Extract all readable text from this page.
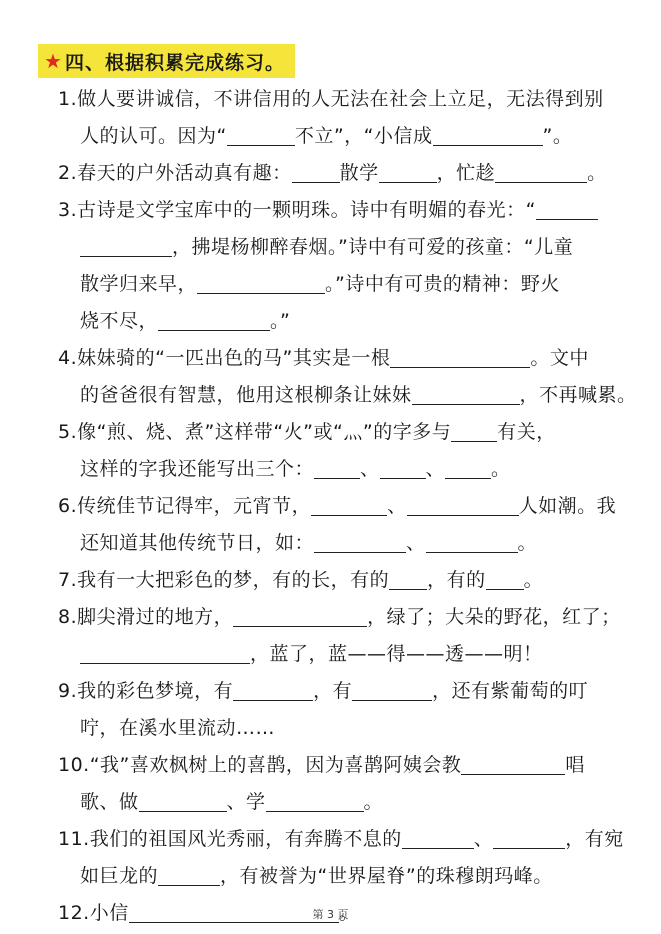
★ 四、根据积累完成练习。
1.做人要讲诚信，不讲信用的人无法在社会上立足，无法得到别
人的认可。因为“	不立”，“小信成	”。
2.春天的户外活动真有趣：	散学	，忙趁	。
3.古诗是文学宝库中的一颗明珠。诗中有明媚的春光：“
，拂堤杨柳醉春烟。”诗中有可爱的孩童：“儿童
散学归来早，	。”诗中有可贵的精神：野火
烧不尽，	。”
4.妹妹骑的“一匹出色的马”其实是一根	。文中
的爸爸很有智慧，他用这根柳条让妹妹	，不再喊累。
5.像“煎、烧、煮”这样带“火”或“灬”的字多与 有关，
这样的字我还能写出三个： 、 、 。
6.传统佳节记得牢，元宵节，	、	人如潮。我
还知道其他传统节日，如：	、	。
7.我有一大把彩色的梦，有的长，有的 ，有的 。
8.脚尖滑过的地方，	，绿了；大朵的野花，红了；
，蓝了，蓝——得——透——明！
9.我的彩色梦境，有	，有	，还有紫葡萄的叮
咛，在溪水里流动……
10.“我”喜欢枫树上的喜鹊，因为喜鹊阿姨会教	唱
歌、做	、学	。
11.我们的祖国风光秀丽，有奔腾不息的	、	，有宛
如巨龙的	，有被誉为“世界屋脊”的珠穆朗玛峰。
12.小信	。
第 3 页
